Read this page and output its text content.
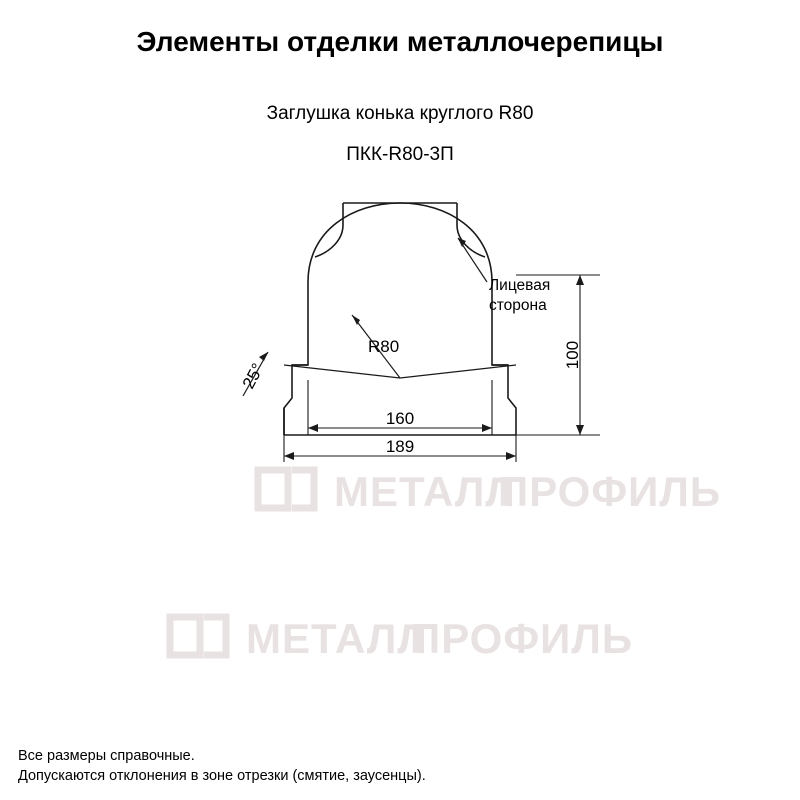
Элементы отделки металлочерепицы
Заглушка конька круглого R80
ПКК-R80-3П
МЕТАЛЛ
ПРОФИЛЬ
МЕТАЛЛ
ПРОФИЛЬ
R80
25°
Лицевая
сторона
100
160
189
Все размеры справочные.
Допускаются отклонения в зоне отрезки (смятие, заусенцы).
